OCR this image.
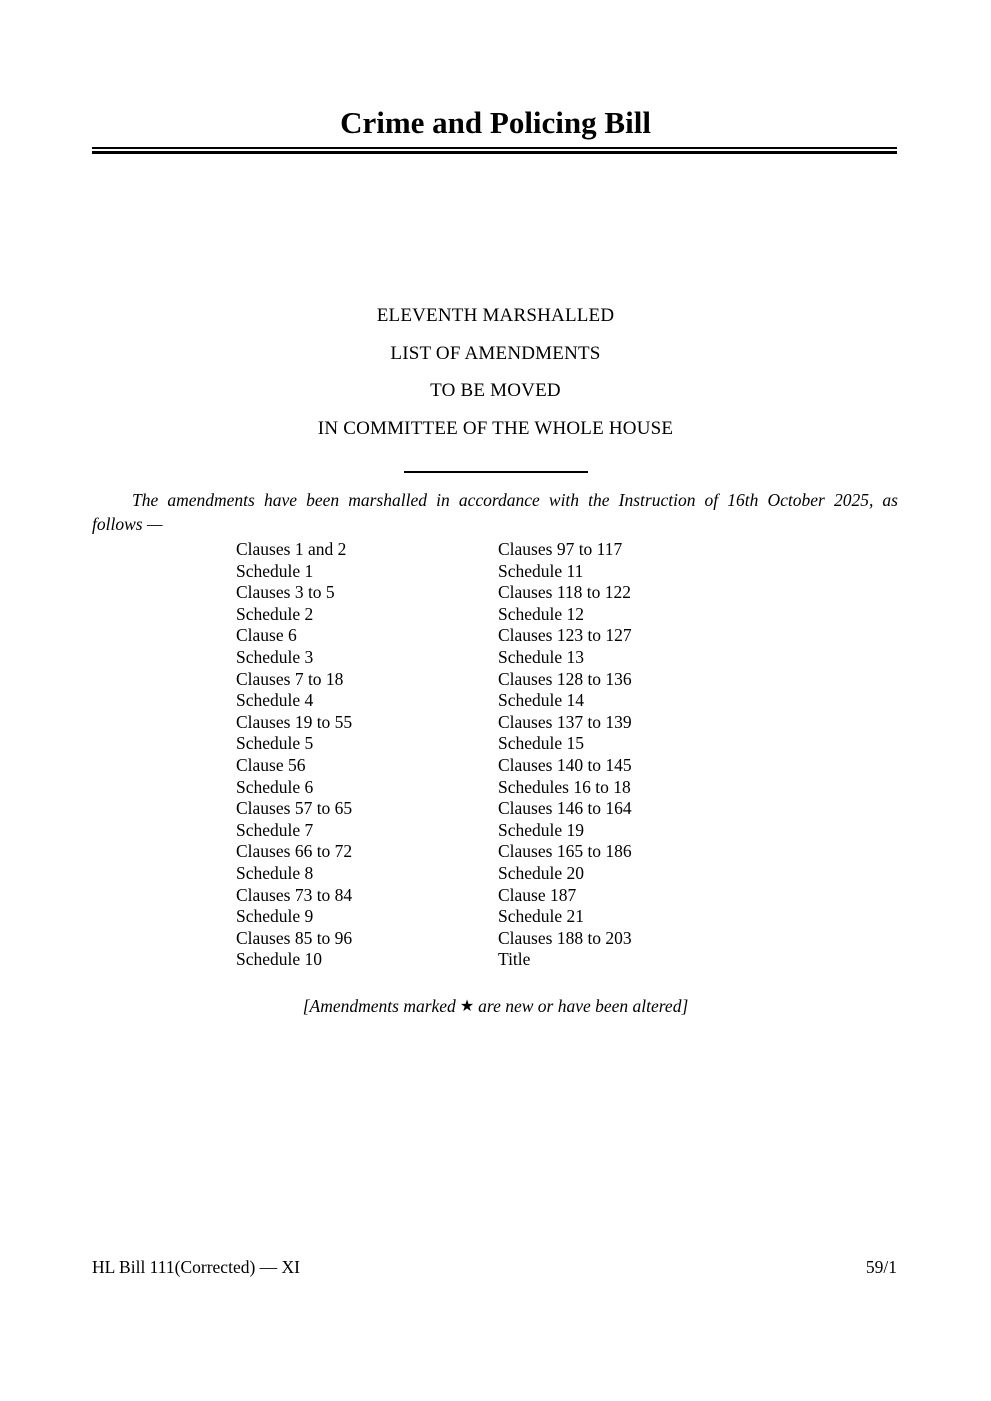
Crime and Policing Bill
ELEVENTH MARSHALLED
LIST OF AMENDMENTS
TO BE MOVED
IN COMMITTEE OF THE WHOLE HOUSE
The amendments have been marshalled in accordance with the Instruction of 16th October 2025, as
follows —
Clauses 1 and 2
Schedule 1
Clauses 3 to 5
Schedule 2
Clause 6
Schedule 3
Clauses 7 to 18
Schedule 4
Clauses 19 to 55
Schedule 5
Clause 56
Schedule 6
Clauses 57 to 65
Schedule 7
Clauses 66 to 72
Schedule 8
Clauses 73 to 84
Schedule 9
Clauses 85 to 96
Schedule 10
Clauses 97 to 117
Schedule 11
Clauses 118 to 122
Schedule 12
Clauses 123 to 127
Schedule 13
Clauses 128 to 136
Schedule 14
Clauses 137 to 139
Schedule 15
Clauses 140 to 145
Schedules 16 to 18
Clauses 146 to 164
Schedule 19
Clauses 165 to 186
Schedule 20
Clause 187
Schedule 21
Clauses 188 to 203
Title
[Amendments marked ★ are new or have been altered]
HL Bill 111(Corrected) — XI	59/1
